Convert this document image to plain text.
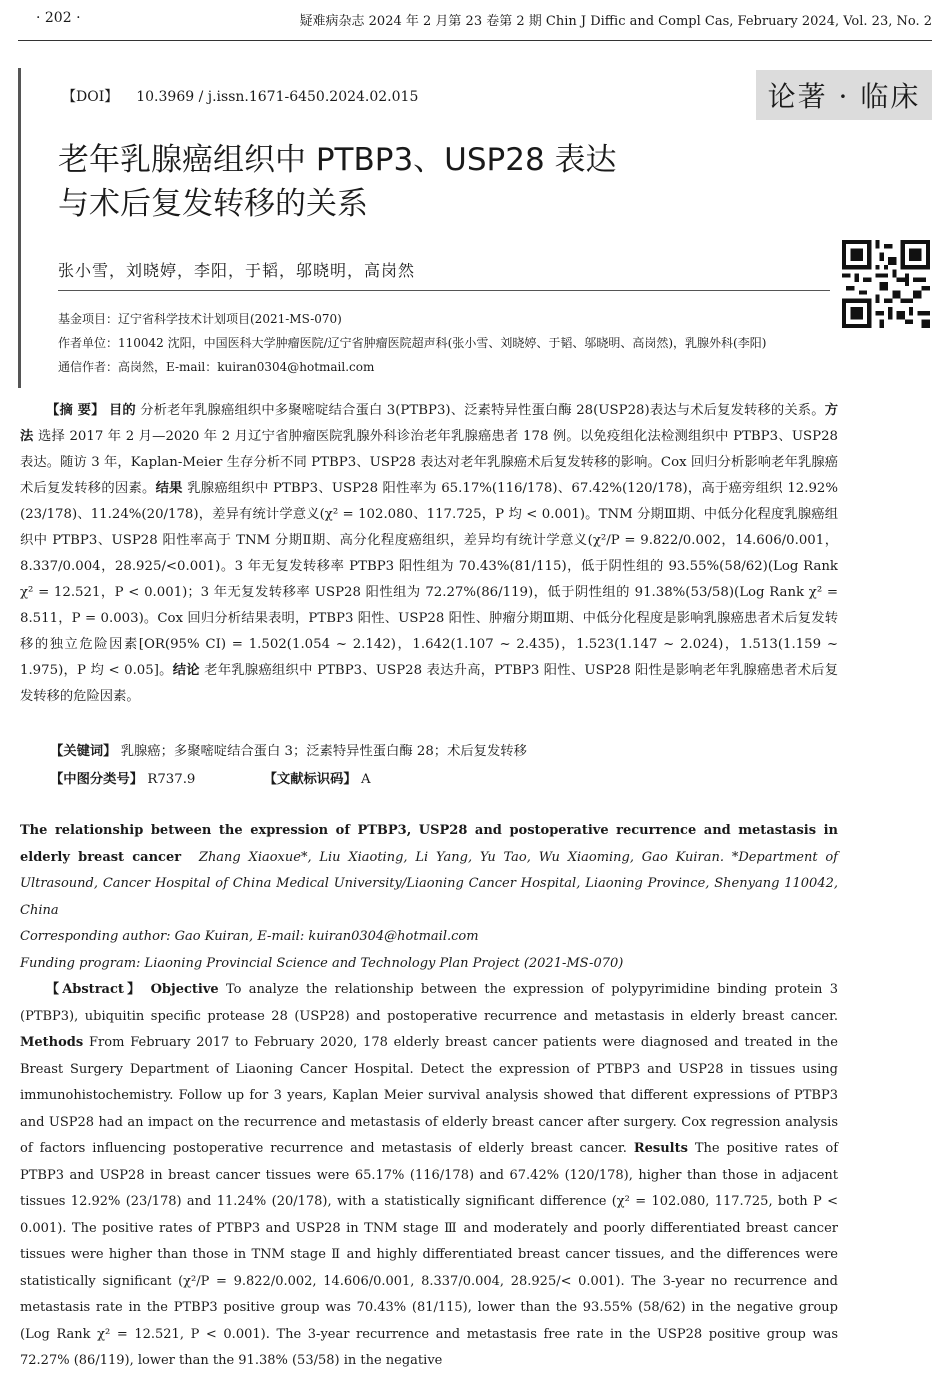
· 202 ·	疑难病杂志 2024 年 2 月第 23 卷第 2 期 Chin J Diffic and Compl Cas, February 2024, Vol. 23, No. 2
【DOI】 10.3969 / j.issn.1671-6450.2024.02.015	论著 · 临床
老年乳腺癌组织中 PTBP3、USP28 表达
与术后复发转移的关系
张小雪，刘晓婷，李阳，于韬，邬晓明，高岗然
基金项目：辽宁省科学技术计划项目(2021-MS-070)
作者单位：110042 沈阳，中国医科大学肿瘤医院/辽宁省肿瘤医院超声科(张小雪、刘晓婷、于韬、邬晓明、高岗然)，乳腺外科(李阳)
通信作者：高岗然，E-mail：kuiran0304@hotmail.com
【摘 要】 目的 分析老年乳腺癌组织中多聚嘧啶结合蛋白 3(PTBP3)、泛素特异性蛋白酶 28(USP28)表达与术后复发转移的关系。方法 选择 2017 年 2 月—2020 年 2 月辽宁省肿瘤医院乳腺外科诊治老年乳腺癌患者 178 例。以免疫组化法检测组织中 PTBP3、USP28 表达。随访 3 年，Kaplan-Meier 生存分析不同 PTBP3、USP28 表达对老年乳腺癌术后复发转移的影响。Cox 回归分析影响老年乳腺癌术后复发转移的因素。结果 乳腺癌组织中 PTBP3、USP28 阳性率为 65.17%(116/178)、67.42%(120/178)，高于癌旁组织 12.92%(23/178)、11.24%(20/178)，差异有统计学意义(χ² = 102.080、117.725，P 均 < 0.001)。TNM 分期Ⅲ期、中低分化程度乳腺癌组织中 PTBP3、USP28 阳性率高于 TNM 分期Ⅱ期、高分化程度癌组织，差异均有统计学意义(χ²/P = 9.822/0.002，14.606/0.001，8.337/0.004，28.925/<0.001)。3 年无复发转移率 PTBP3 阳性组为 70.43%(81/115)，低于阴性组的 93.55%(58/62)(Log Rank χ² = 12.521，P < 0.001)；3 年无复发转移率 USP28 阳性组为 72.27%(86/119)，低于阴性组的 91.38%(53/58)(Log Rank χ² = 8.511，P = 0.003)。Cox 回归分析结果表明，PTBP3 阳性、USP28 阳性、肿瘤分期Ⅲ期、中低分化程度是影响乳腺癌患者术后复发转移的独立危险因素[OR(95% CI) = 1.502(1.054 ~ 2.142)，1.642(1.107 ~ 2.435)，1.523(1.147 ~ 2.024)，1.513(1.159 ~ 1.975)，P 均 < 0.05]。结论 老年乳腺癌组织中 PTBP3、USP28 表达升高，PTBP3 阳性、USP28 阳性是影响老年乳腺癌患者术后复发转移的危险因素。
【关键词】 乳腺癌；多聚嘧啶结合蛋白 3；泛素特异性蛋白酶 28；术后复发转移
【中图分类号】 R737.9	【文献标识码】 A
The relationship between the expression of PTBP3, USP28 and postoperative recurrence and metastasis in elderly breast cancer Zhang Xiaoxue*, Liu Xiaoting, Li Yang, Yu Tao, Wu Xiaoming, Gao Kuiran. *Department of Ultrasound, Cancer Hospital of China Medical University/Liaoning Cancer Hospital, Liaoning Province, Shenyang 110042, China
Corresponding author: Gao Kuiran, E-mail: kuiran0304@hotmail.com
Funding program: Liaoning Provincial Science and Technology Plan Project (2021-MS-070)
【Abstract】 Objective To analyze the relationship between the expression of polypyrimidine binding protein 3 (PTBP3), ubiquitin specific protease 28 (USP28) and postoperative recurrence and metastasis in elderly breast cancer. Methods From February 2017 to February 2020, 178 elderly breast cancer patients were diagnosed and treated in the Breast Surgery Department of Liaoning Cancer Hospital. Detect the expression of PTBP3 and USP28 in tissues using immunohistochemistry. Follow up for 3 years, Kaplan Meier survival analysis showed that different expressions of PTBP3 and USP28 had an impact on the recurrence and metastasis of elderly breast cancer after surgery. Cox regression analysis of factors influencing postoperative recurrence and metastasis of elderly breast cancer. Results The positive rates of PTBP3 and USP28 in breast cancer tissues were 65.17% (116/178) and 67.42% (120/178), higher than those in adjacent tissues 12.92% (23/178) and 11.24% (20/178), with a statistically significant difference (χ² = 102.080, 117.725, both P < 0.001). The positive rates of PTBP3 and USP28 in TNM stage Ⅲ and moderately and poorly differentiated breast cancer tissues were higher than those in TNM stage Ⅱ and highly differentiated breast cancer tissues, and the differences were statistically significant (χ²/P = 9.822/0.002, 14.606/0.001, 8.337/0.004, 28.925/< 0.001). The 3-year no recurrence and metastasis rate in the PTBP3 positive group was 70.43% (81/115), lower than the 93.55% (58/62) in the negative group (Log Rank χ² = 12.521, P < 0.001). The 3-year recurrence and metastasis free rate in the USP28 positive group was 72.27% (86/119), lower than the 91.38% (53/58) in the negative
